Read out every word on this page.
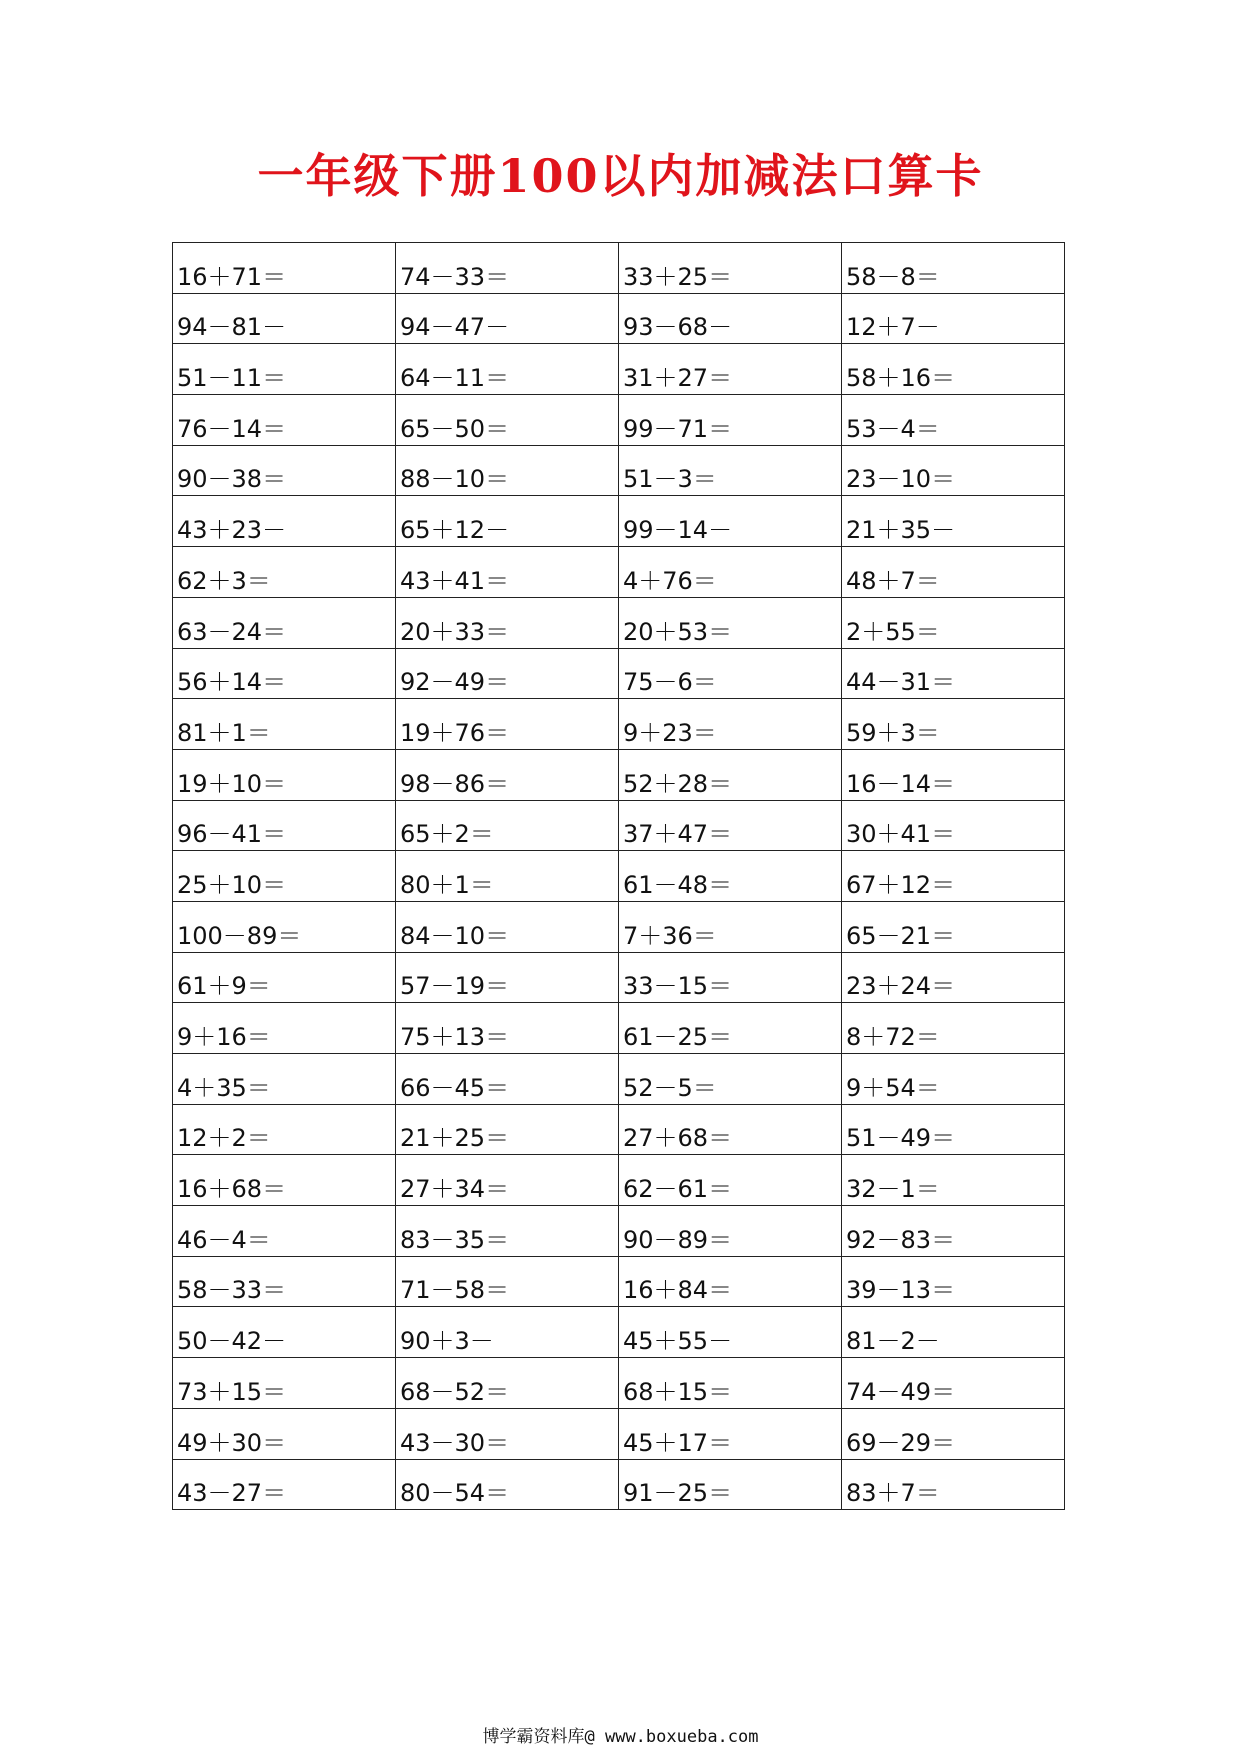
一年级下册100以内加减法口算卡
16＋71＝	74－33＝	33＋25＝	58－8＝
94－81－	94－47－	93－68－	12＋7－
51－11＝	64－11＝	31＋27＝	58＋16＝
76－14＝	65－50＝	99－71＝	53－4＝
90－38＝	88－10＝	51－3＝	23－10＝
43＋23－	65＋12－	99－14－	21＋35－
62＋3＝	43＋41＝	4＋76＝	48＋7＝
63－24＝	20＋33＝	20＋53＝	2＋55＝
56＋14＝	92－49＝	75－6＝	44－31＝
81＋1＝	19＋76＝	9＋23＝	59＋3＝
19＋10＝	98－86＝	52＋28＝	16－14＝
96－41＝	65＋2＝	37＋47＝	30＋41＝
25＋10＝	80＋1＝	61－48＝	67＋12＝
100－89＝	84－10＝	7＋36＝	65－21＝
61＋9＝	57－19＝	33－15＝	23＋24＝
9＋16＝	75＋13＝	61－25＝	8＋72＝
4＋35＝	66－45＝	52－5＝	9＋54＝
12＋2＝	21＋25＝	27＋68＝	51－49＝
16＋68＝	27＋34＝	62－61＝	32－1＝
46－4＝	83－35＝	90－89＝	92－83＝
58－33＝	71－58＝	16＋84＝	39－13＝
50－42－	90＋3－	45＋55－	81－2－
73＋15＝	68－52＝	68＋15＝	74－49＝
49＋30＝	43－30＝	45＋17＝	69－29＝
43－27＝	80－54＝	91－25＝	83＋7＝
博学霸资料库@ www.boxueba.com
